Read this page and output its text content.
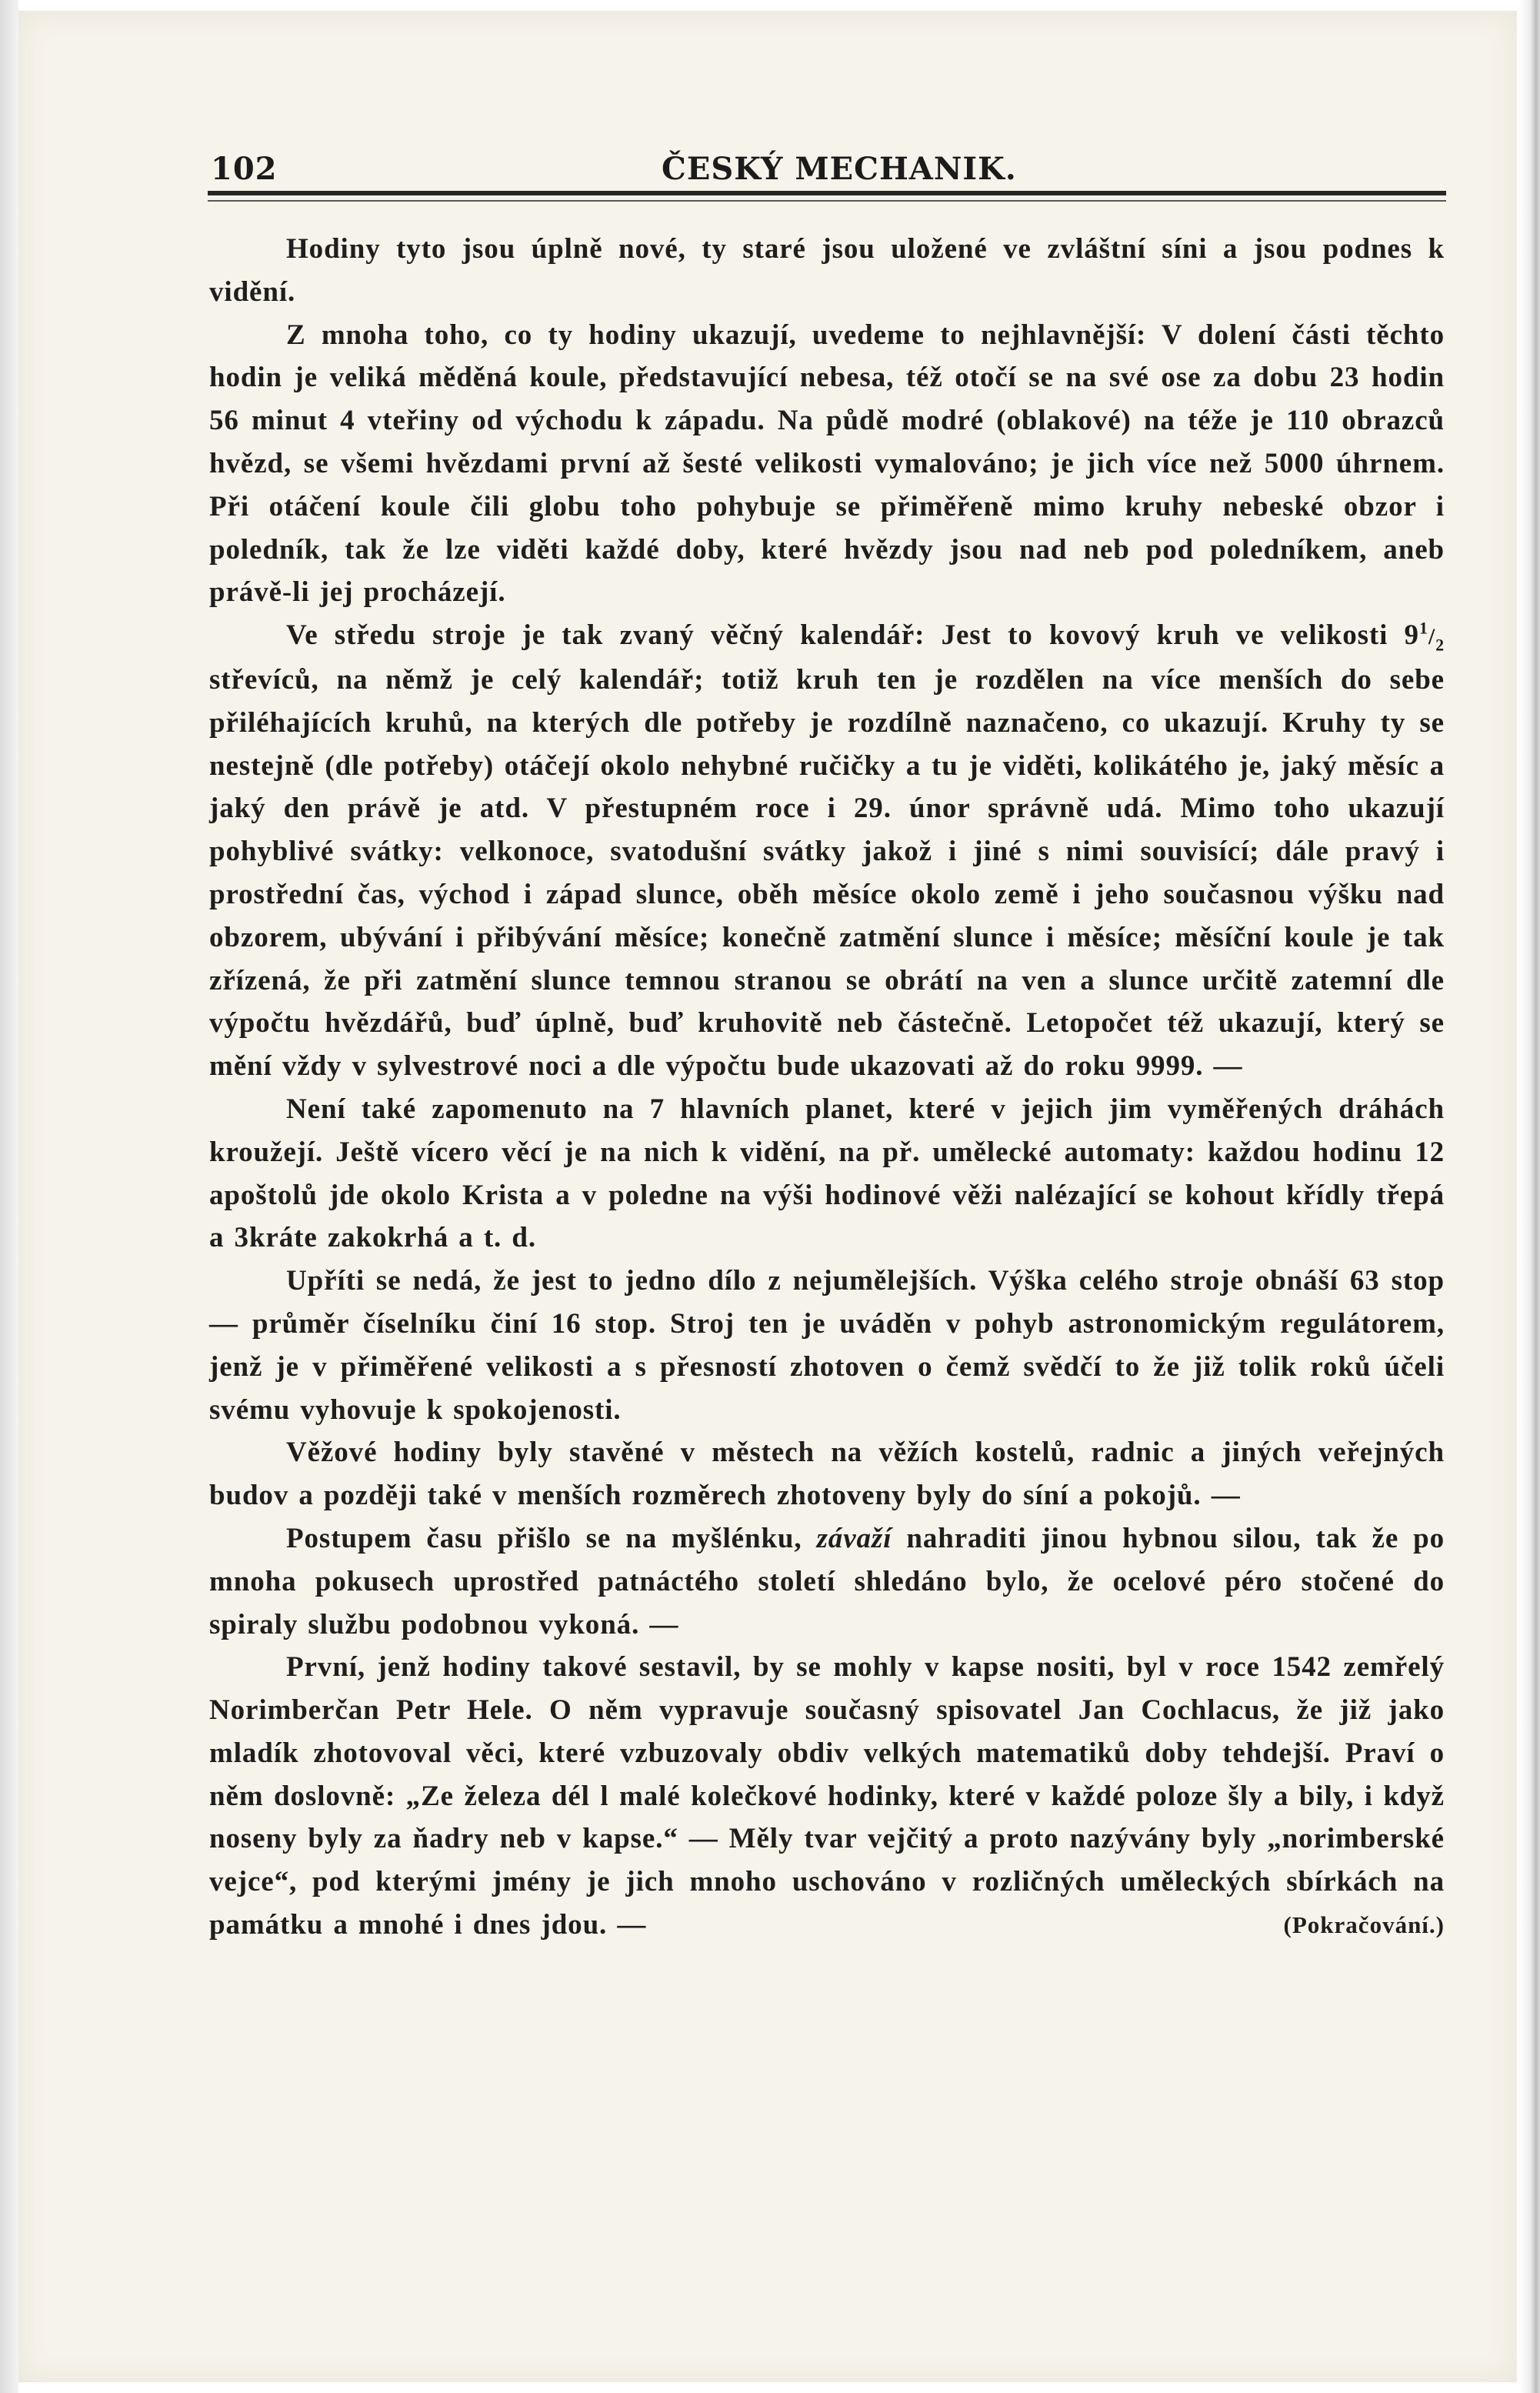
102	ČESKÝ MECHANIK.

Hodiny tyto jsou úplně nové, ty staré jsou uložené ve zvláštní síni a jsou podnes k vidění.

Z mnoha toho, co ty hodiny ukazují, uvedeme to nejhlavnější: V dolení části těchto hodin je veliká měděná koule, představující nebesa, též otočí se na své ose za dobu 23 hodin 56 minut 4 vteřiny od východu k západu. Na půdě modré (oblakové) na téže je 110 obrazců hvězd, se všemi hvězdami první až šesté velikosti vymalováno; je jich více než 5000 úhrnem. Při otáčení koule čili globu toho pohybuje se přiměřeně mimo kruhy nebeské obzor i poledník, tak že lze viděti každé doby, které hvězdy jsou nad neb pod poledníkem, aneb právě-li jej procházejí.

Ve středu stroje je tak zvaný věčný kalendář: Jest to kovový kruh ve velikosti $9^1/_2$ střevíců, na němž je celý kalendář; totiž kruh ten je rozdělen na více menších do sebe přiléhajících kruhů, na kterých dle potřeby je rozdílně naznačeno, co ukazují. Kruhy ty se nestejně (dle potřeby) otáčejí okolo nehybné ručičky a tu je viděti, kolikátého je, jaký měsíc a jaký den právě je atd. V přestupném roce i 29. únor správně udá. Mimo toho ukazují pohyblivé svátky: velkonoce, svatodušní svátky jakož i jiné s nimi souvisící; dále pravý i prostřední čas, východ i západ slunce, oběh měsíce okolo země i jeho současnou výšku nad obzorem, ubývání i přibývání měsíce; konečně zatmění slunce i měsíce; měsíční koule je tak zřízená, že při zatmění slunce temnou stranou se obrátí na ven a slunce určitě zatemní dle výpočtu hvězdářů, buď úplně, buď kruhovitě neb částečně. Letopočet též ukazují, který se mění vždy v sylvestrové noci a dle výpočtu bude ukazovati až do roku 9999. —

Není také zapomenuto na 7 hlavních planet, které v jejich jim vyměřených dráhách kroužejí. Ještě vícero věcí je na nich k vidění, na př. umělecké automaty: každou hodinu 12 apoštolů jde okolo Krista a v poledne na výši hodinové věži nalézající se kohout křídly třepá a 3kráte zakokrhá a t. d.

Upříti se nedá, že jest to jedno dílo z nejumělejších. Výška celého stroje obnáší 63 stop — průměr číselníku činí 16 stop. Stroj ten je uváděn v pohyb astronomickým regulátorem, jenž je v přiměřené velikosti a s přesností zhotoven o čemž svědčí to že již tolik roků účeli svému vyhovuje k spokojenosti.

Věžové hodiny byly stavěné v městech na věžích kostelů, radnic a jiných veřejných budov a později také v menších rozměrech zhotoveny byly do síní a pokojů. —

Postupem času přišlo se na myšlénku, závaží nahraditi jinou hybnou silou, tak že po mnoha pokusech uprostřed patnáctého století shledáno bylo, že ocelové péro stočené do spiraly službu podobnou vykoná. —

První, jenž hodiny takové sestavil, by se mohly v kapse nositi, byl v roce 1542 zemřelý Norimberčan Petr Hele. O něm vypravuje současný spisovatel Jan Cochlacus, že již jako mladík zhotovoval věci, které vzbuzovaly obdiv velkých matematiků doby tehdejší. Praví o něm doslovně: „Ze železa dél l malé kolečkové hodinky, které v každé poloze šly a bily, i když noseny byly za ňadry neb v kapse.“ — Měly tvar vejčitý a proto nazývány byly „norimberské vejce“, pod kterými jmény je jich mnoho uschováno v rozličných uměleckých sbírkách na památku a mnohé i dnes jdou. —	(Pokračování.)
